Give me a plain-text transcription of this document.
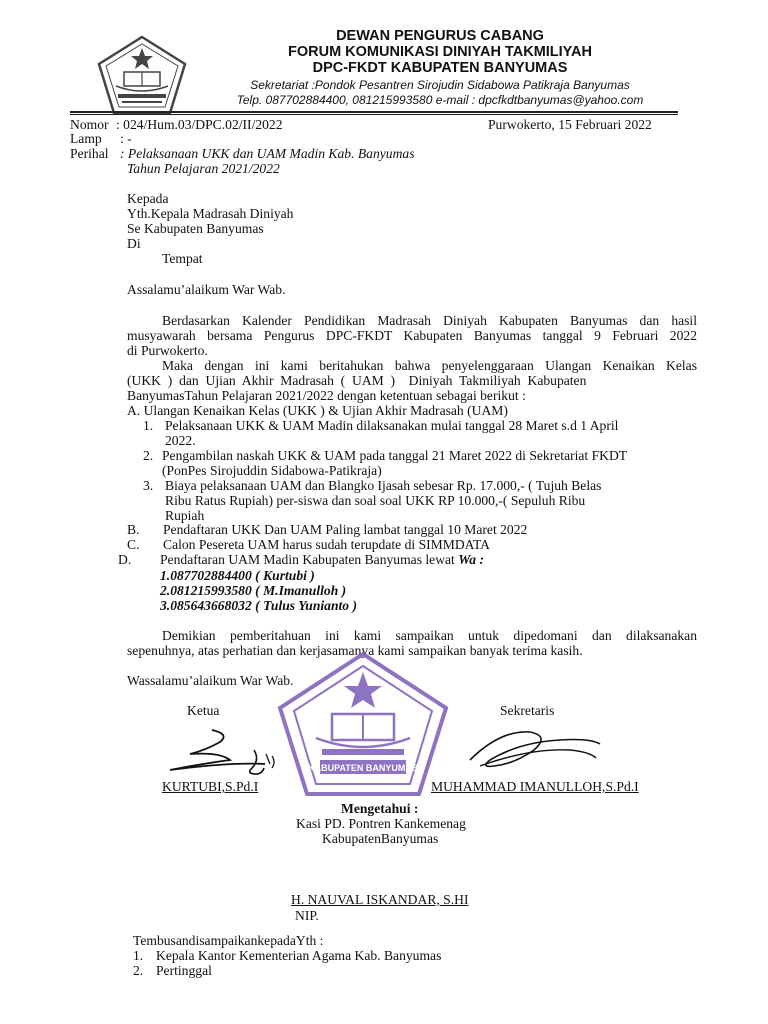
DEWAN PENGURUS CABANG
FORUM KOMUNIKASI DINIYAH TAKMILIYAH
DPC-FKDT KABUPATEN BANYUMAS
Sekretariat :Pondok Pesantren Sirojudin Sidabowa Patikraja Banyumas
Telp. 087702884400, 081215993580 e-mail : dpcfkdtbanyumas@yahoo.com
Nomor : 024/Hum.03/DPC.02/II/2022	Purwokerto, 15 Februari 2022
Lamp : -
Perihal : Pelaksanaan UKK dan UAM Madin Kab. Banyumas
Tahun Pelajaran 2021/2022
Kepada
Yth.Kepala Madrasah Diniyah
Se Kabupaten Banyumas
Di
Tempat
Assalamu’alaikum War Wab.
Berdasarkan Kalender Pendidikan Madrasah Diniyah Kabupaten Banyumas dan hasil
musyawarah bersama Pengurus DPC-FKDT Kabupaten Banyumas tanggal 9 Februari 2022
di Purwokerto.
Maka dengan ini kami beritahukan bahwa penyelenggaraan Ulangan Kenaikan Kelas
(UKK  )  dan  Ujian  Akhir  Madrasah  (  UAM  )    Diniyah  Takmiliyah  Kabupaten
BanyumasTahun Pelajaran 2021/2022 dengan ketentuan sebagai berikut :
A. Ulangan Kenaikan Kelas (UKK ) & Ujian Akhir Madrasah (UAM)
1. Pelaksanaan UKK & UAM Madin dilaksanakan mulai tanggal 28 Maret s.d 1 April
2022.
2. Pengambilan naskah UKK & UAM pada tanggal 21 Maret 2022 di Sekretariat FKDT
(PonPes Sirojuddin Sidabowa-Patikraja)
3. Biaya pelaksanaan UAM dan Blangko Ijasah sebesar Rp. 17.000,- ( Tujuh Belas
Ribu Ratus Rupiah) per-siswa dan soal soal UKK RP 10.000,-( Sepuluh Ribu
Rupiah
B. Pendaftaran UKK Dan UAM Paling lambat tanggal 10 Maret 2022
C. Calon Pesereta UAM harus sudah terupdate di SIMMDATA
D. Pendaftaran UAM Madin Kabupaten Banyumas lewat Wa :
1.087702884400 ( Kurtubi )
2.081215993580 ( M.Imanulloh )
3.085643668032 ( Tulus Yunianto )
Demikian pemberitahuan ini kami sampaikan untuk dipedomani dan dilaksanakan
sepenuhnya, atas perhatian dan kerjasamanya kami sampaikan banyak terima kasih.
Wassalamu’alaikum War Wab.
KABUPATEN BANYUMAS
Ketua	Sekretaris
KURTUBI,S.Pd.I	MUHAMMAD IMANULLOH,S.Pd.I
Mengetahui :
Kasi PD. Pontren Kankemenag
KabupatenBanyumas
H. NAUVAL ISKANDAR, S.HI
NIP.
TembusandisampaikankepadaYth :
1. Kepala Kantor Kementerian Agama Kab. Banyumas
2. Pertinggal
